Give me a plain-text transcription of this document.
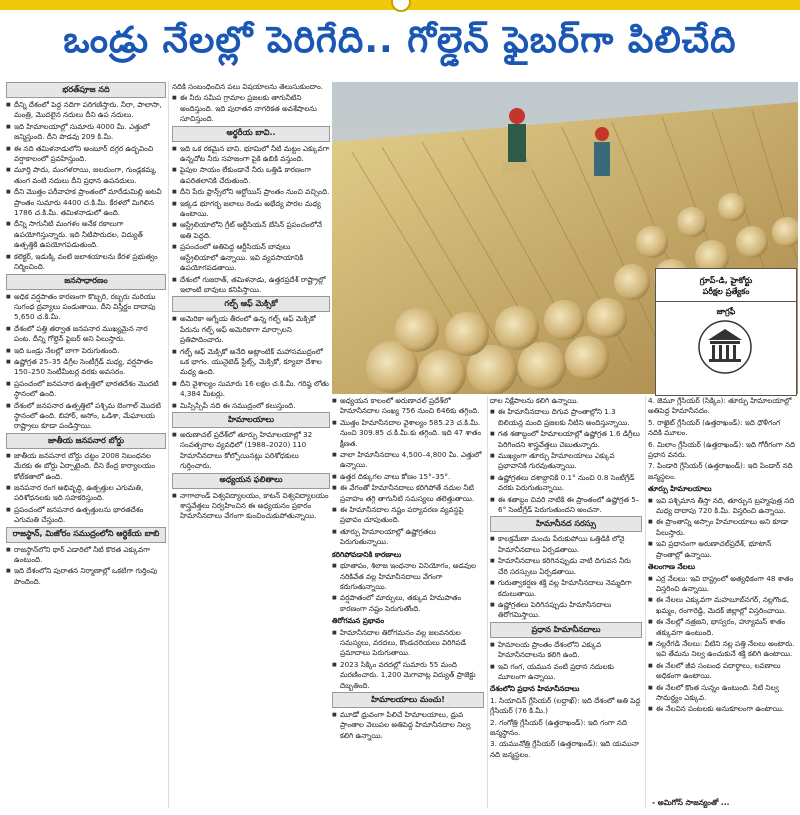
ఒండ్రు నేలల్లో పెరిగేది.. గోల్డెన్ ఫైబర్‌గా పిలిచేది
భరత్‌పూజ నది
■ దీన్ని దేశంలో పెద్ద నదిగా పరిగణిస్తారు. నీరా, పాలాసా, మంత్రి, మొదలైన నదులు దీని ఉప నదులు.
■ ఇది హిమాలయాల్లో సుమారు 4000 మీ. ఎత్తులో జన్మిస్తుంది. దీని పొడవు 209 కి.మీ.
■ ఈ నది తమిళనాడులోని అంబూర్ దగ్గర ఉద్భవించి వర్షాకాలంలో ప్రవహిస్తుంది.
■ మూర్తి పాదు, మంగళరాయి, జలదుంగా, గుండ్లకమ్మ, తుంగ వంటి నదులు దీని ప్రధాన ఉపనదులు.
■ దీని మొత్తం పరీవాహక ప్రాంతంలో మారేడుమిల్లి అటవీ ప్రాంతం సుమారు 4400 చ.కి.మీ. కేరళలో మిగిలిన 1786 చ.కి.మీ. తమిళనాడులో ఉంది.
■ దీన్ని సాగునీటి మంగళం అనేక రకాలుగా ఉపయోగిస్తున్నారు. ఇది నీటిపారుదల, విద్యుత్ ఉత్పత్తికి ఉపయోగపడుతుంది.
■ కలెక్టర్, ఇడుక్కి వంటి జలాశయాలను కేరళ ప్రభుత్వం నిర్మించింది.
జనసాధారణం
■ అధిక వర్షపాతం కారణంగా కొబ్బరి, రబ్బరు మరియు సుగంధ ద్రవ్యాలు పండుతాయి. దీని విస్తీర్ణం దాదాపు 5,650 చ.కి.మీ.
■ దేశంలో పత్తి తర్వాత జనపనార ముఖ్యమైన నార పంట. దీన్ని గోల్డెన్ ఫైబర్ అని పిలుస్తారు.
■ ఇది ఒండ్రు నేలల్లో బాగా పెరుగుతుంది.
■ ఉష్ణోగ్రత 25–35 డిగ్రీల సెంటీగ్రేడ్ మధ్య, వర్షపాతం 150–250 సెంటీమీటర్ల వరకు అవసరం.
■ ప్రపంచంలో జనపనార ఉత్పత్తిలో భారతదేశం మొదటి స్థానంలో ఉంది.
■ దేశంలో జనపనార ఉత్పత్తిలో పశ్చిమ బెంగాల్ మొదటి స్థానంలో ఉంది. బిహార్, అసోం, ఒడిశా, మేఘాలయ రాష్ట్రాలు కూడా పండిస్తాయి.
జాతీయ జనపనార బోర్డు
■ జాతీయ జనపనార బోర్డు చట్టం 2008 నిబంధనల మేరకు ఈ బోర్డు ఏర్పాటైంది. దీని కేంద్ర కార్యాలయం కోల్‌కతాలో ఉంది.
■ జనపనార రంగ అభివృద్ధి, ఉత్పత్తుల ఎగుమతి, పరిశోధనలకు ఇది సహకరిస్తుంది.
■ ప్రపంచంలో జనపనార ఉత్పత్తులను భారతదేశం ఎగుమతి చేస్తుంది.
రాజస్థాన్, మిజోరం సముద్రంలోని ఆర్థికేయ బాబి
■ రాజస్థాన్‌లోని థార్ ఎడారిలో నీటి కొరత ఎక్కువగా ఉంటుంది.
■ ఇది దేశంలోని పురాతన నిర్మాణాల్లో ఒకటిగా గుర్తింపు పొందింది.

నదికి సంబంధించిన పలు విషయాలను తెలుసుకుందాం.

■ ఈ నీరు సమీప గ్రామాల ప్రజలకు తాగునీటిని అందిస్తుంది. ఇది పురాతన నాగరికత అవశేషాలను సూచిస్తుంది.
అర్థరీయ బావి..
■ ఇది ఒక రకమైన బావి. భూమిలో నీటి మట్టం ఎక్కువగా ఉన్నచోట నీరు సహజంగా పైకి ఉబికి వస్తుంది.
■ పైపుల సాయం లేకుండానే నీరు ఒత్తిడి కారణంగా ఉపరితలానికి చేరుతుంది.
■ దీని పేరు ఫ్రాన్స్‌లోని ఆర్టోయిస్ ప్రాంతం నుంచి వచ్చింది.
■ ఇక్కడ భూగర్భ జలాలు రెండు అభేద్య పొరల మధ్య ఉంటాయి.
■ ఆస్ట్రేలియాలోని గ్రేట్ ఆర్టీసియన్ బేసిన్ ప్రపంచంలోనే అతి పెద్దది.
■ ప్రపంచంలో అతిపెద్ద ఆర్టీసియన్ బావులు ఆస్ట్రేలియాలో ఉన్నాయి. ఇవి వ్యవసాయానికి ఉపయోగపడతాయి.
■ దేశంలో గుజరాత్, తమిళనాడు, ఉత్తరప్రదేశ్ రాష్ట్రాల్లో ఇలాంటి బావులు కనిపిస్తాయి.
గల్ఫ్ ఆఫ్ మెక్సికో
■ అమెరికా ఆగ్నేయ తీరంలో ఉన్న గల్ఫ్ ఆఫ్ మెక్సికో పేరును గల్ఫ్ ఆఫ్ అమెరికాగా మార్చాలని ప్రతిపాదించారు.
■ గల్ఫ్ ఆఫ్ మెక్సికో అనేది అట్లాంటిక్ మహాసముద్రంలో ఒక భాగం. యునైటెడ్ స్టేట్స్, మెక్సికో, క్యూబా దేశాల మధ్య ఉంది.
■ దీని వైశాల్యం సుమారు 16 లక్షల చ.కి.మీ. గరిష్ఠ లోతు 4,384 మీటర్లు.
■ మిస్సిస్సిపీ నది ఈ సముద్రంలో కలుస్తుంది.
హిమాలయాలు
■ అరుణాచల్ ప్రదేశ్‌లో తూర్పు హిమాలయాల్లో 32 సంవత్సరాల వ్యవధిలో (1988–2020) 110 హిమానీనదాలు కోల్పోయినట్లు పరిశోధకులు గుర్తించారు.
అధ్యయన ఫలితాలు
■ నాగాలాండ్ విశ్వవిద్యాలయం, కాటన్ విశ్వవిద్యాలయం శాస్త్రవేత్తలు నిర్వహించిన ఈ అధ్యయనం ప్రకారం హిమానీనదాలు వేగంగా కుంచించుకుపోతున్నాయి.
గ్రూప్‌-డి, హైకోర్టు
పరీక్షల ప్రత్యేకం
జాగ్రఫీ
■ అధ్యయన కాలంలో అరుణాచల్ ప్రదేశ్‌లో హిమానీనదాల సంఖ్య 756 నుంచి 646కు తగ్గింది.
■ మొత్తం హిమానీనదాల వైశాల్యం 585.23 చ.కి.మీ. నుంచి 309.85 చ.కి.మీ.కు తగ్గింది. ఇది 47 శాతం క్షీణత.
■ వాలా హిమానీనదాలు 4,500–4,800 మీ. ఎత్తులో ఉన్నాయి.
■ ఉత్తర దిక్కుగల వాలు కోణం 15°–35°.
■ ఈ వేగంతో హిమానీనదాలు కరిగిపోతే నదుల నీటి ప్రవాహం తగ్గి తాగునీటి సమస్యలు తలెత్తుతాయి.
■ ఈ హిమానీనదాల నష్టం పర్యావరణ వ్యవస్థపై ప్రభావం చూపుతుంది.
■ తూర్పు హిమాలయాల్లో ఉష్ణోగ్రతలు పెరుగుతున్నాయి.
కరిగిపోవడానికి కారణాలు
■ భూతాపం, శిలాజ ఇంధనాల వినియోగం, అడవుల నరికివేత వల్ల హిమానీనదాలు వేగంగా కరుగుతున్నాయి.
■ వర్షపాతంలో మార్పులు, తక్కువ హిమపాతం కారణంగా నష్టం పెరుగుతోంది.
తిరోగమన ప్రభావం
■ హిమానీనదాల తిరోగమనం వల్ల జలవనరుల సమస్యలు, వరదలు, కొండచరియలు విరిగిపడే ప్రమాదాలు పెరుగుతాయి.
■ 2023 సిక్కిం వరదల్లో సుమారు 55 మంది మరణించారు. 1,200 మెగావాట్ల విద్యుత్ ప్రాజెక్టు దెబ్బతింది.
హిమాలయాలు మంచు!
■ మూడో ధ్రువంగా పిలిచే హిమాలయాలు, ధ్రువ ప్రాంతాల వెలుపల అతిపెద్ద హిమానీనదాల నిల్వ కలిగి ఉన్నాయి.

దాల నిక్షేపాలను కలిగి ఉన్నాయి.

■ ఈ హిమానీనదాలు దిగువ ప్రాంతాల్లోని 1.3 బిలియన్ల మంది ప్రజలకు నీటిని అందిస్తున్నాయి.
■ గత శతాబ్దంలో హిమాలయాల్లో ఉష్ణోగ్రత 1.6 డిగ్రీలు పెరిగిందని శాస్త్రవేత్తలు చెబుతున్నారు.
■ ముఖ్యంగా తూర్పు హిమాలయాలు ఎక్కువ ప్రభావానికి గురవుతున్నాయి.
■ ఉష్ణోగ్రతలు దశాబ్దానికి 0.1° నుంచి 0.8 సెంటీగ్రేడ్ వరకు పెరుగుతున్నాయి.
■ ఈ శతాబ్దం చివరి నాటికి ఈ ప్రాంతంలో ఉష్ణోగ్రత 5–6° సెంటీగ్రేడ్ పెరుగుతుందని అంచనా.
హిమానీనద సరస్సు
■ కాలక్రమేణా మంచు పేరుకుపోయి ఒత్తిడికి లోనై హిమానీనదాలు ఏర్పడతాయి.
■ హిమానీనదాలు కరిగినప్పుడు వాటి దిగువన నీరు చేరి సరస్సులు ఏర్పడతాయి.
■ గురుత్వాకర్షణ శక్తి వల్ల హిమానీనదాలు నెమ్మదిగా కదులుతాయి.
■ ఉష్ణోగ్రతలు పెరిగినప్పుడు హిమానీనదాలు తిరోగమిస్తాయి.
ప్రధాన హిమానీనదాలు
■ హిమాలయ ప్రాంతం దేశంలోని ఎక్కువ హిమానీనదాలను కలిగి ఉంది.
■ ఇవి గంగ, యమున వంటి ప్రధాన నదులకు మూలంగా ఉన్నాయి.
దేశంలోని ప్రధాన హిమానీనదాలు

1. సియాచిన్ గ్లేసియర్ (లద్దాఖ్): ఇది దేశంలో అతి పెద్ద గ్లేసియర్ (76 కి.మీ.)

2. గంగోత్రి గ్లేసియర్ (ఉత్తరాఖండ్): ఇది గంగా నది జన్మస్థానం.

3. యమునోత్రి గ్లేసియర్ (ఉత్తరాఖండ్): ఇది యమునా నది జన్మస్థలం.

4. జెమూ గ్లేసియర్ (సిక్కిం): తూర్పు హిమాలయాల్లో అతిపెద్ద హిమానీనదం.

5. రాఖైట్ గ్లేసియర్ (ఉత్తరాఖండ్): ఇది ధౌళీగంగ నదికి మూలం.

6. మిలాం గ్లేసియర్ (ఉత్తరాఖండ్): ఇది గోరీగంగా నది ప్రధాన వనరు.

7. పిండారి గ్లేసియర్ (ఉత్తరాఖండ్): ఇది పిండార్ నది జన్మస్థలం.

తూర్పు హిమాలయాలు
■ ఇవి పశ్చిమాన తీస్తా నది, తూర్పున బ్రహ్మపుత్ర నది మధ్య దాదాపు 720 కి.మీ. విస్తరించి ఉన్నాయి.
■ ఈ ప్రాంతాన్ని అస్సాం హిమాలయాలు అని కూడా పిలుస్తారు.
■ ఇవి ప్రధానంగా అరుణాచల్‌ప్రదేశ్, భూటాన్ ప్రాంతాల్లో ఉన్నాయి.
తెలంగాణ నేలలు
■ ఎర్ర నేలలు: ఇవి రాష్ట్రంలో అత్యధికంగా 48 శాతం విస్తరించి ఉన్నాయి.
■ ఈ నేలలు ఎక్కువగా మహబూబ్‌నగర్, నల్లగొండ, ఖమ్మం, రంగారెడ్డి, మెదక్ జిల్లాల్లో విస్తరించాయి.
■ ఈ నేలల్లో నత్రజని, భాస్వరం, హ్యూమస్ శాతం తక్కువగా ఉంటుంది.
■ నల్లరేగడి నేలలు: వీటిని నల్ల పత్తి నేలలు అంటారు. ఇవి తేమను నిల్వ ఉంచుకునే శక్తి కలిగి ఉంటాయి.
■ ఈ నేలలో జీవ సంబంధ పదార్థాలు, లవణాలు అధికంగా ఉంటాయి.
■ ఈ నేలలో కొంత సున్నం ఉంటుంది. నీటి నిల్వ సామర్థ్యం ఎక్కువ.
■ ఈ నేలవిన పంటలకు అనుకూలంగా ఉంటాయి.
- అమిగోస్ సాజన్యంతో ...
